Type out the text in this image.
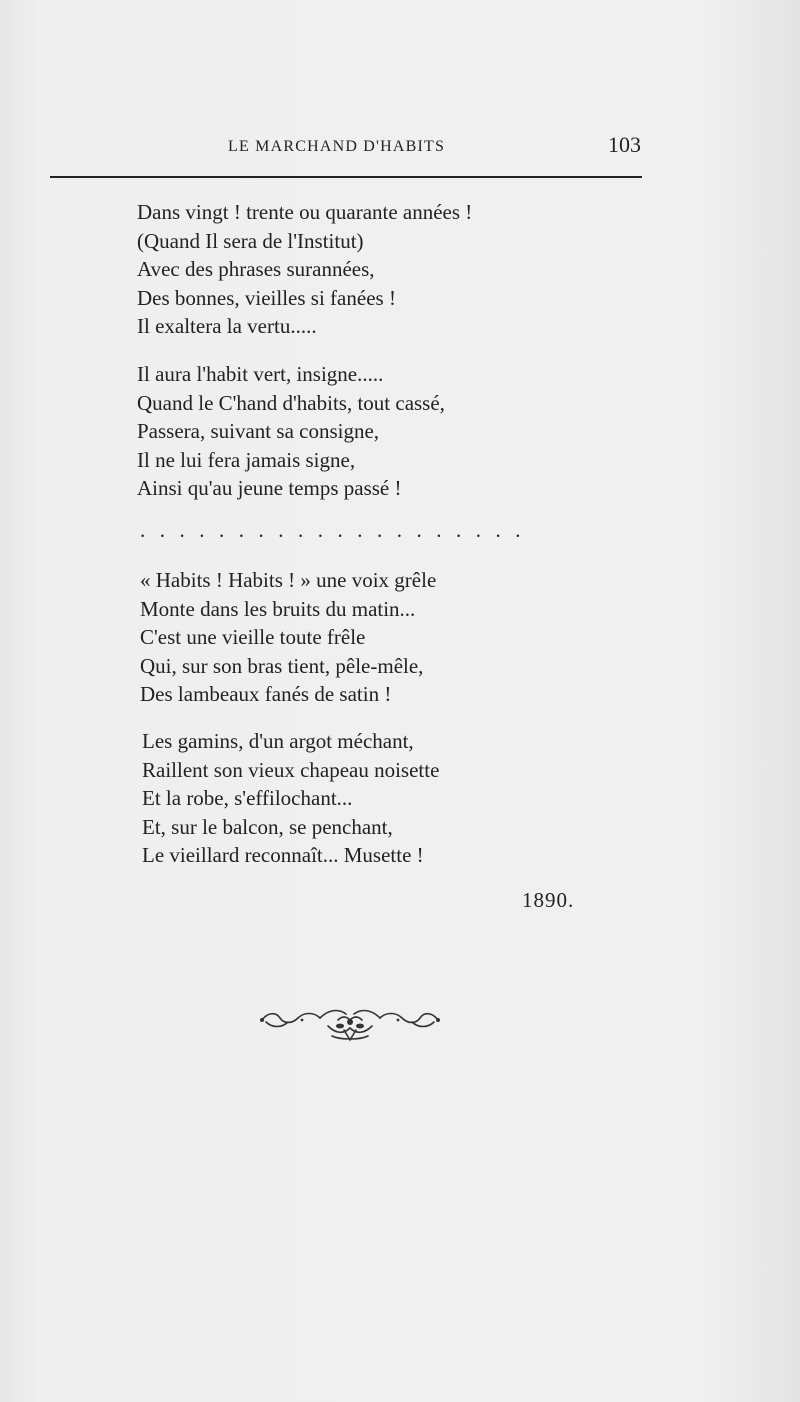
LE MARCHAND D'HABITS	103
Dans vingt ! trente ou quarante années !
(Quand Il sera de l'Institut)
Avec des phrases surannées,
Des bonnes, vieilles si fanées !
Il exaltera la vertu.....
Il aura l'habit vert, insigne.....
Quand le C'hand d'habits, tout cassé,
Passera, suivant sa consigne,
Il ne lui fera jamais signe,
Ainsi qu'au jeune temps passé !
....................
« Habits ! Habits ! » une voix grêle
Monte dans les bruits du matin...
C'est une vieille toute frêle
Qui, sur son bras tient, pêle-mêle,
Des lambeaux fanés de satin !
Les gamins, d'un argot méchant,
Raillent son vieux chapeau noisette
Et la robe, s'effilochant...
Et, sur le balcon, se penchant,
Le vieillard reconnaît... Musette !
1890.
